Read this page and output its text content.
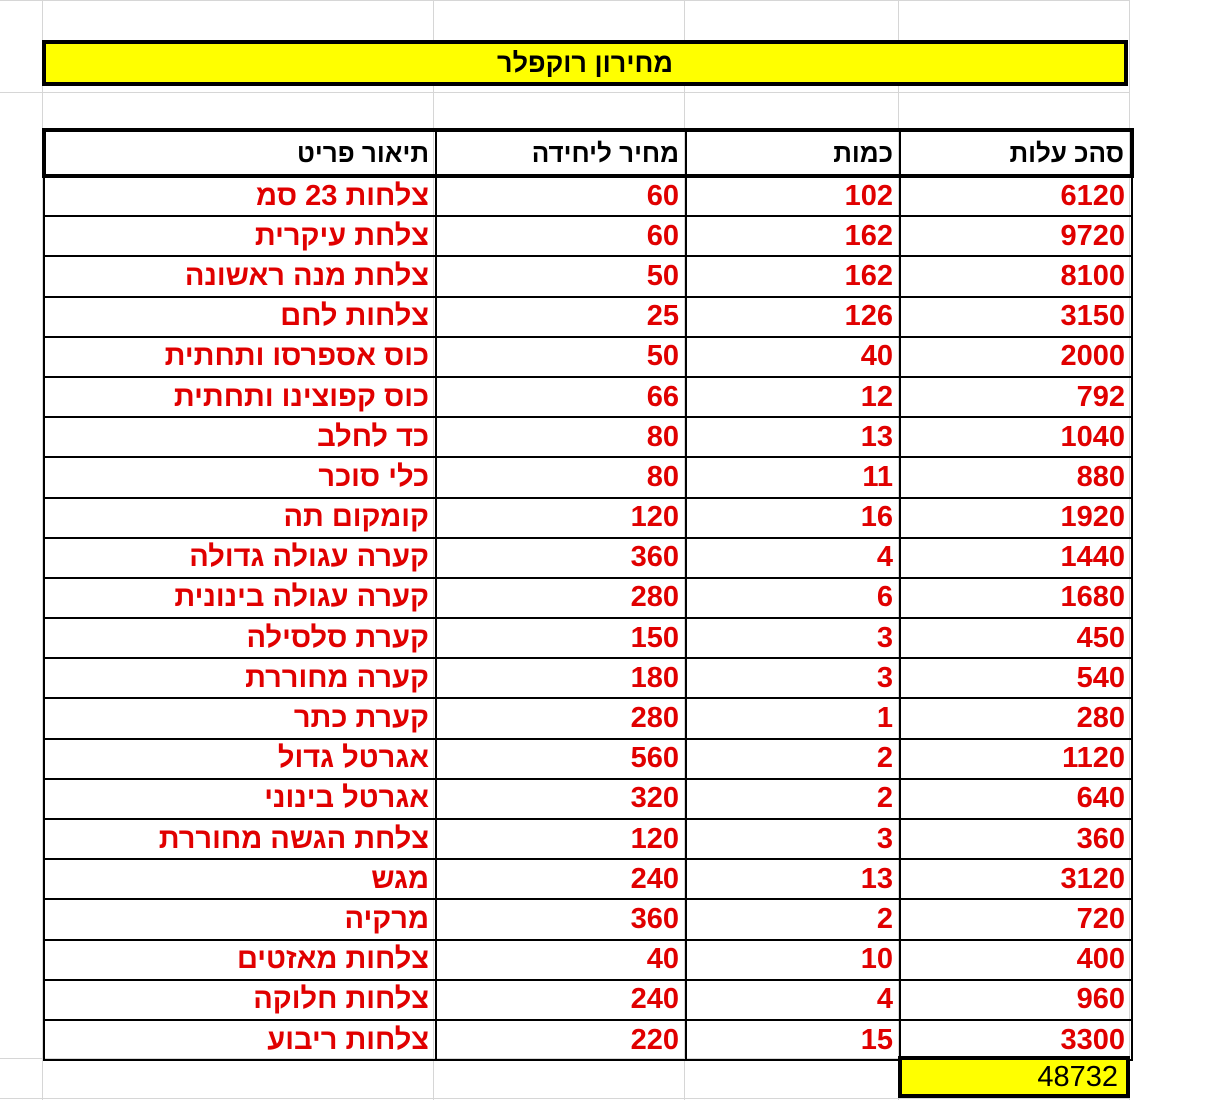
מחירון רוקפלר
תיאור פריט	מחיר ליחידה	כמות	סהכ עלות
צלחות 23 סמ	60	102	6120
צלחת עיקרית	60	162	9720
צלחת מנה ראשונה	50	162	8100
צלחות לחם	25	126	3150
כוס אספרסו ותחתית	50	40	2000
כוס קפוצינו ותחתית	66	12	792
כד לחלב	80	13	1040
כלי סוכר	80	11	880
קומקום תה	120	16	1920
קערה עגולה גדולה	360	4	1440
קערה עגולה בינונית	280	6	1680
קערת סלסילה	150	3	450
קערה מחוררת	180	3	540
קערת כתר	280	1	280
אגרטל גדול	560	2	1120
אגרטל בינוני	320	2	640
צלחת הגשה מחוררת	120	3	360
מגש	240	13	3120
מרקיה	360	2	720
צלחות מאזטים	40	10	400
צלחות חלוקה	240	4	960
צלחות ריבוע	220	15	3300
48732
